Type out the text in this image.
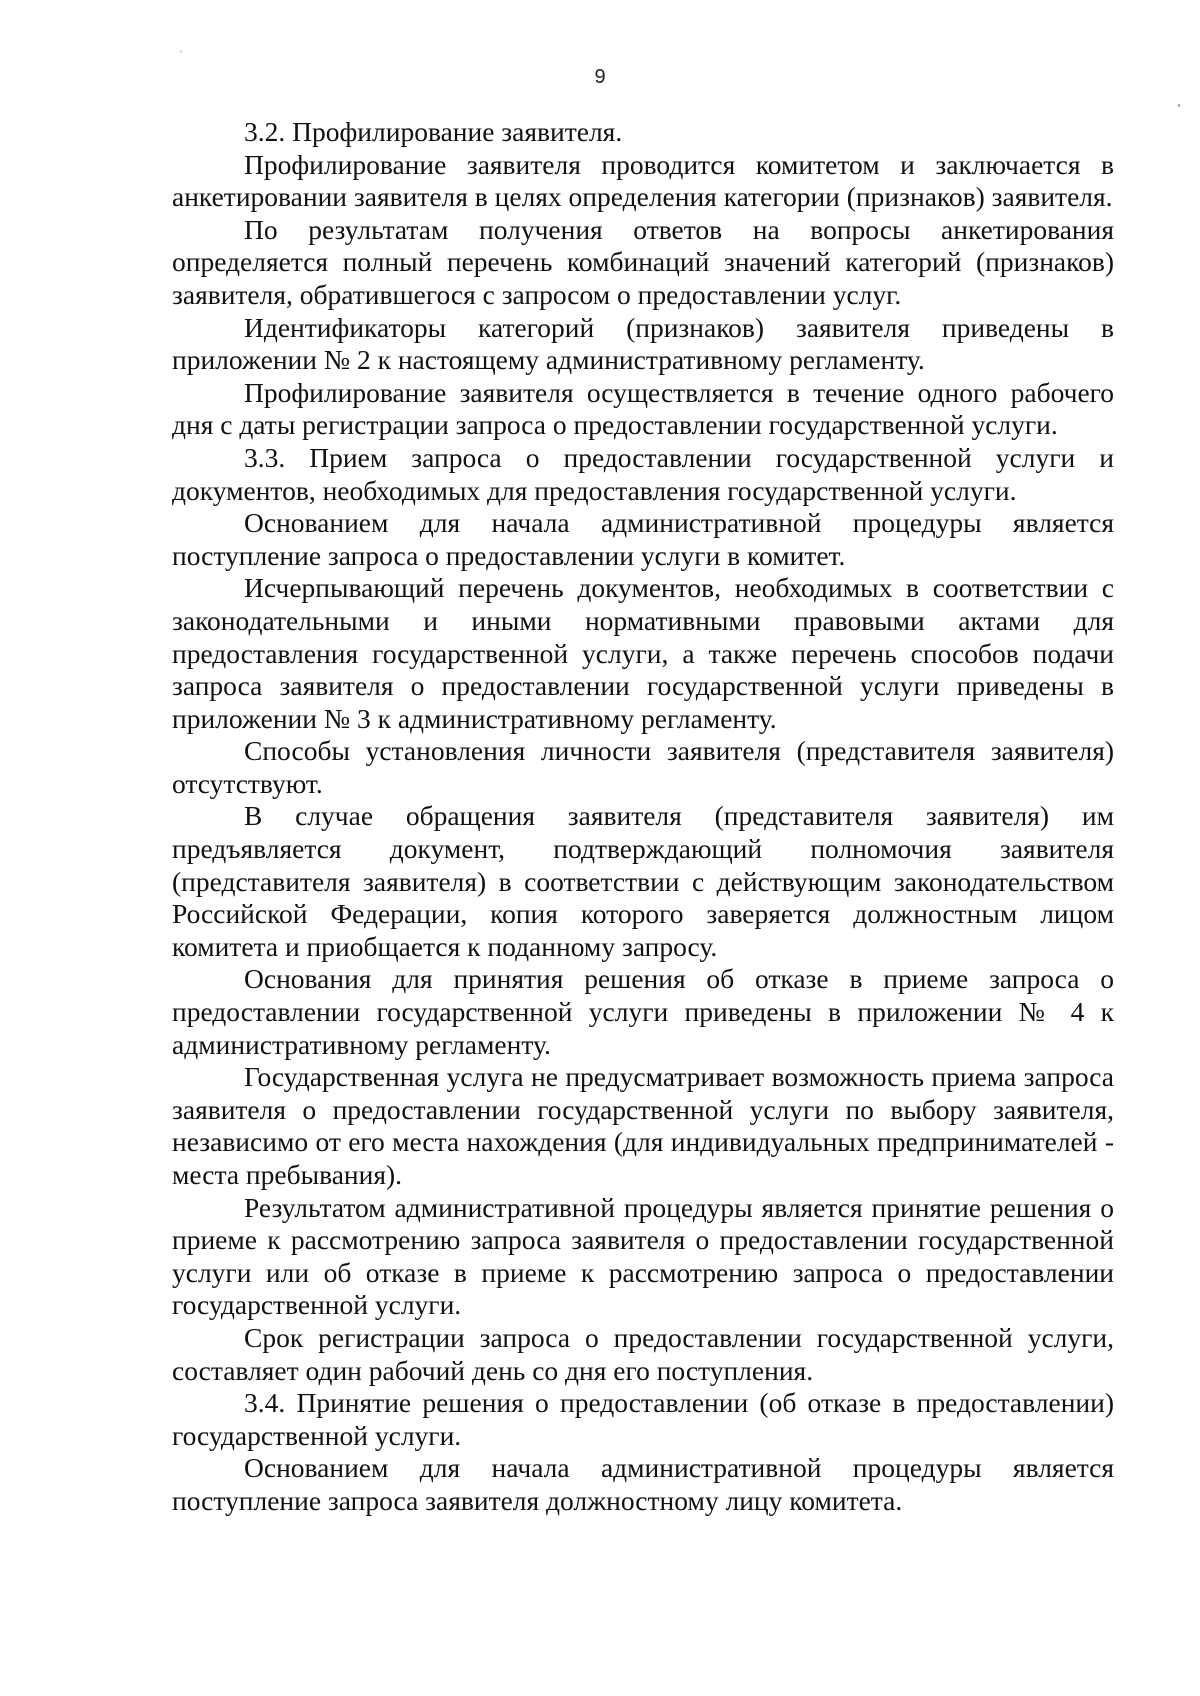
9

3.2. Профилирование заявителя.

Профилирование заявителя проводится комитетом и заключается в анкетировании заявителя в целях определения категории (признаков) заявителя.

По результатам получения ответов на вопросы анкетирования определяется полный перечень комбинаций значений категорий (признаков) заявителя, обратившегося с запросом о предоставлении услуг.

Идентификаторы категорий (признаков) заявителя приведены в приложении № 2 к настоящему административному регламенту.

Профилирование заявителя осуществляется в течение одного рабочего дня с даты регистрации запроса о предоставлении государственной услуги.

3.3. Прием запроса о предоставлении государственной услуги и документов, необходимых для предоставления государственной услуги.

Основанием для начала административной процедуры является поступление запроса о предоставлении услуги в комитет.

Исчерпывающий перечень документов, необходимых в соответствии с законодательными и иными нормативными правовыми актами для предоставления государственной услуги, а также перечень способов подачи запроса заявителя о предоставлении государственной услуги приведены в приложении № 3 к административному регламенту.

Способы установления личности заявителя (представителя заявителя) отсутствуют.

В случае обращения заявителя (представителя заявителя) им предъявляется документ, подтверждающий полномочия заявителя (представителя заявителя) в соответствии с действующим законодательством Российской Федерации, копия которого заверяется должностным лицом комитета и приобщается к поданному запросу.

Основания для принятия решения об отказе в приеме запроса о предоставлении государственной услуги приведены в приложении № 4 к административному регламенту.

Государственная услуга не предусматривает возможность приема запроса заявителя о предоставлении государственной услуги по выбору заявителя, независимо от его места нахождения (для индивидуальных предпринимателей - места пребывания).

Результатом административной процедуры является принятие решения о приеме к рассмотрению запроса заявителя о предоставлении государственной услуги или об отказе в приеме к рассмотрению запроса о предоставлении государственной услуги.

Срок регистрации запроса о предоставлении государственной услуги, составляет один рабочий день со дня его поступления.

3.4. Принятие решения о предоставлении (об отказе в предоставлении) государственной услуги.

Основанием для начала административной процедуры является поступление запроса заявителя должностному лицу комитета.
